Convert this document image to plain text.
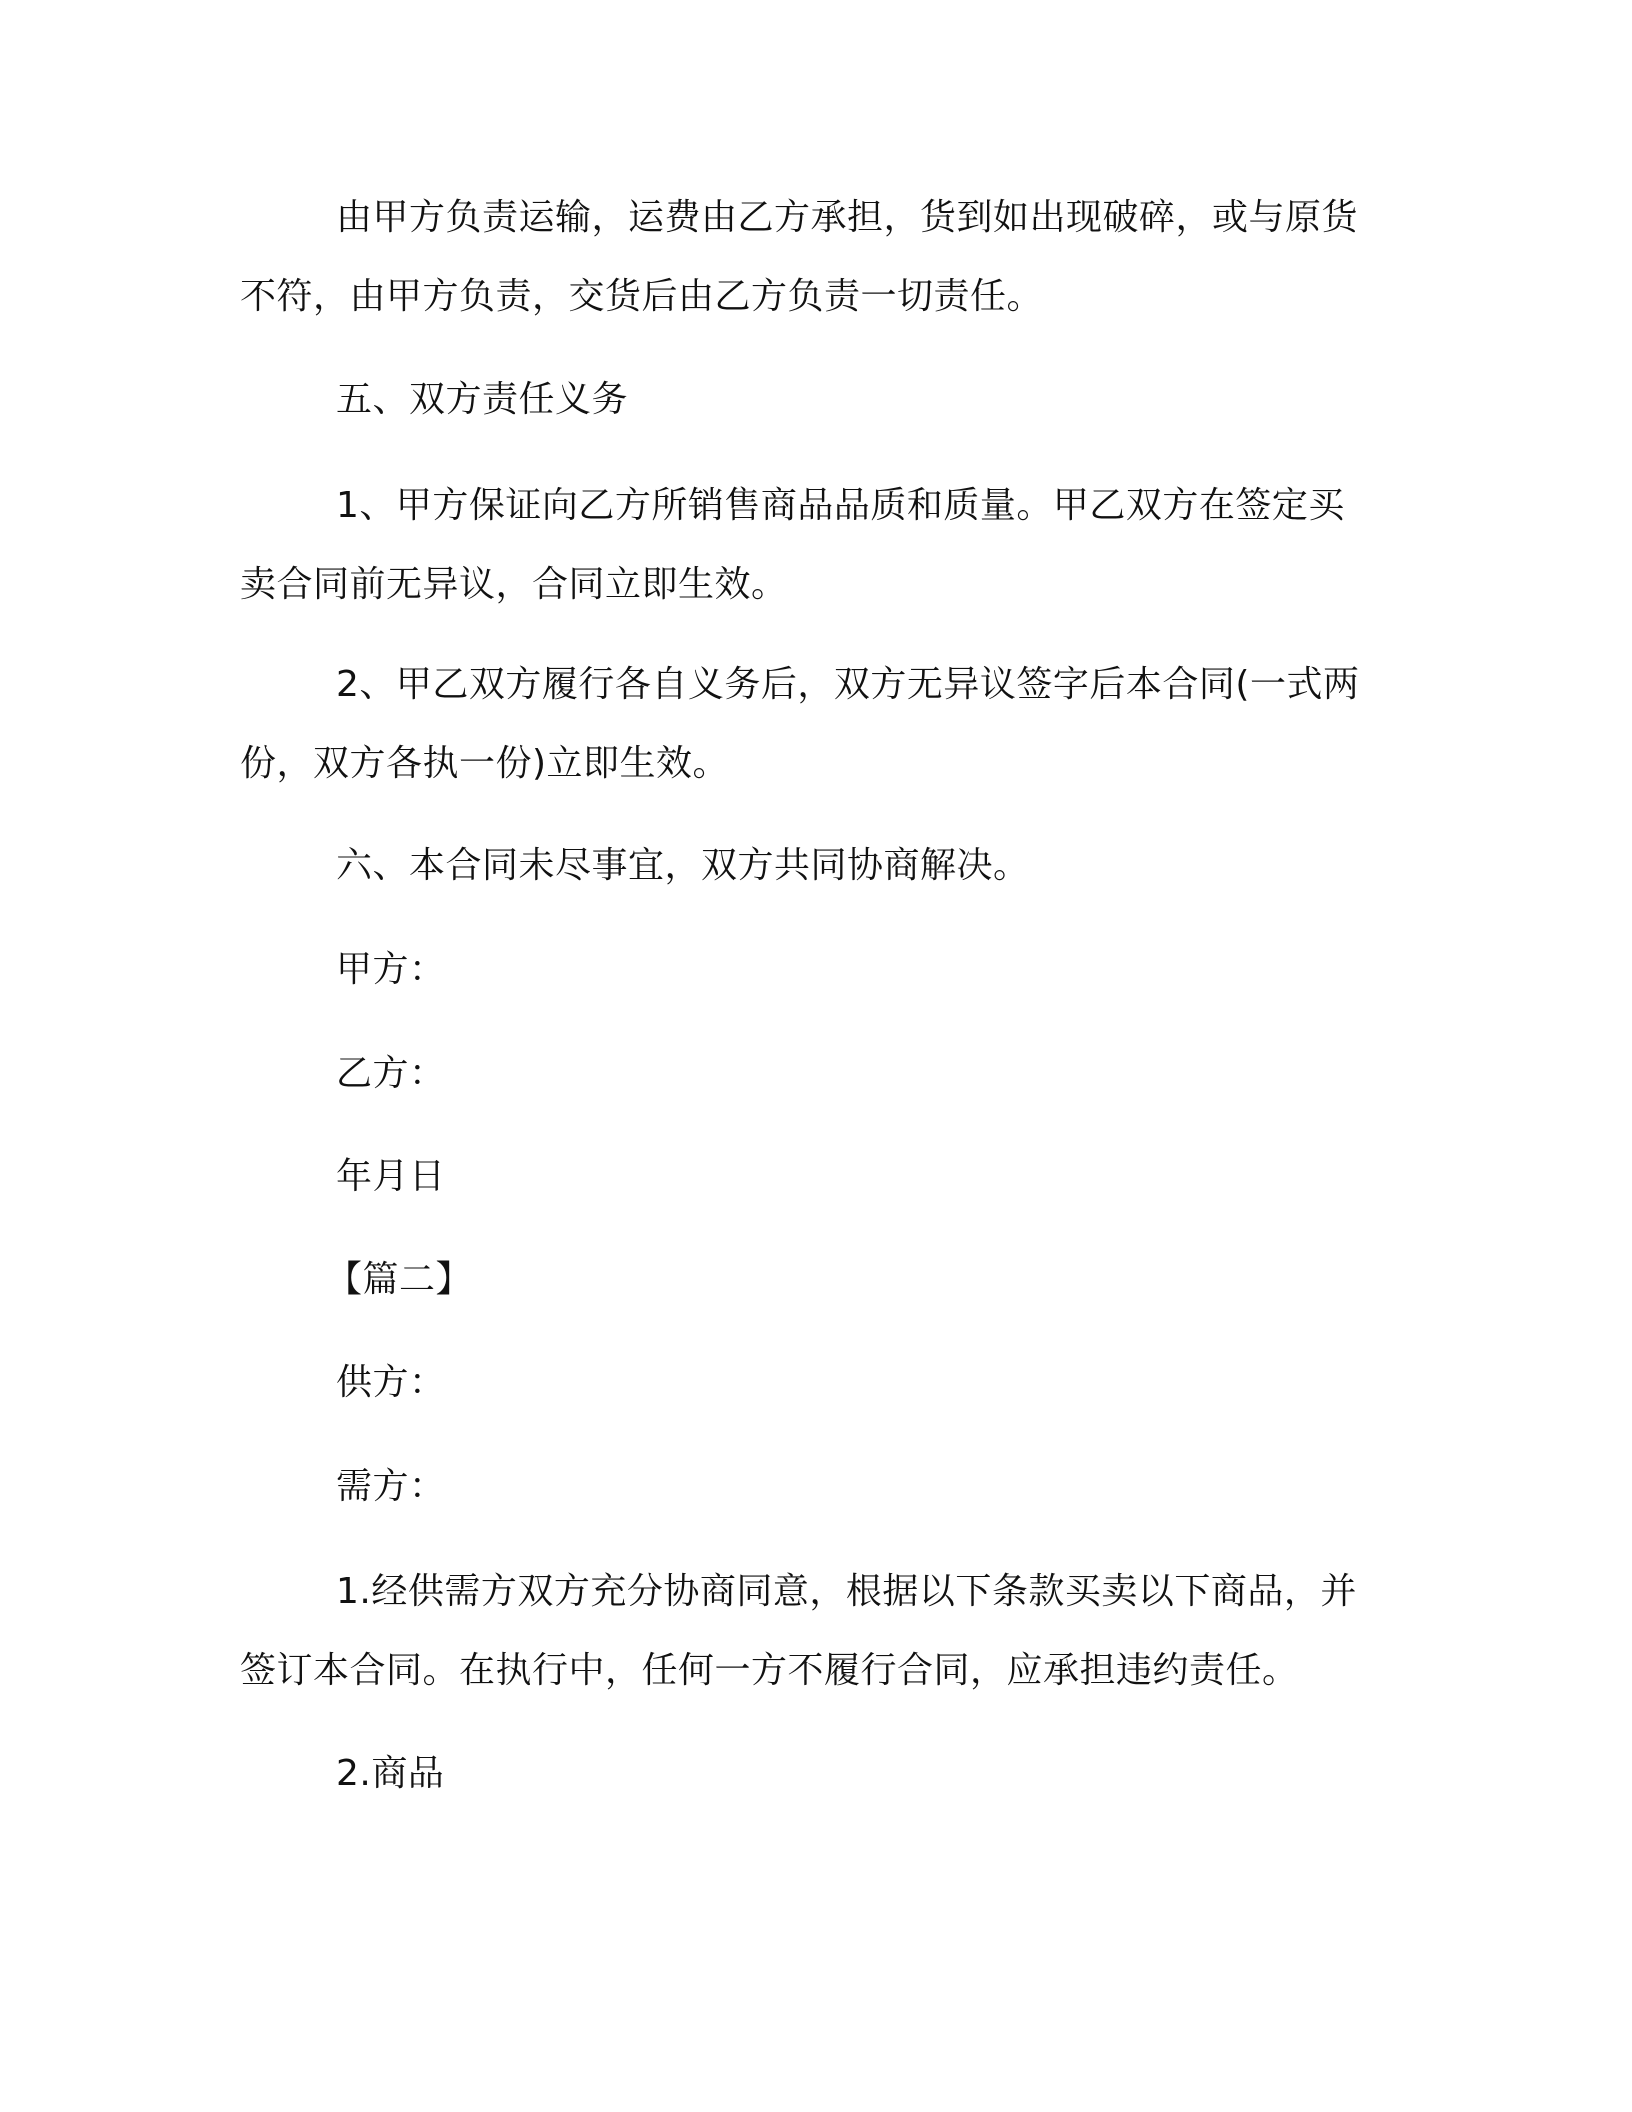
由甲方负责运输，运费由乙方承担，货到如出现破碎，或与原货不符，由甲方负责，交货后由乙方负责一切责任。

五、双方责任义务

1、甲方保证向乙方所销售商品品质和质量。甲乙双方在签定买卖合同前无异议，合同立即生效。

2、甲乙双方履行各自义务后，双方无异议签字后本合同(一式两份，双方各执一份)立即生效。

六、本合同未尽事宜，双方共同协商解决。

甲方：

乙方：

年月日

【篇二】

供方：

需方：

1.经供需方双方充分协商同意，根据以下条款买卖以下商品，并签订本合同。在执行中，任何一方不履行合同，应承担违约责任。

2.商品
